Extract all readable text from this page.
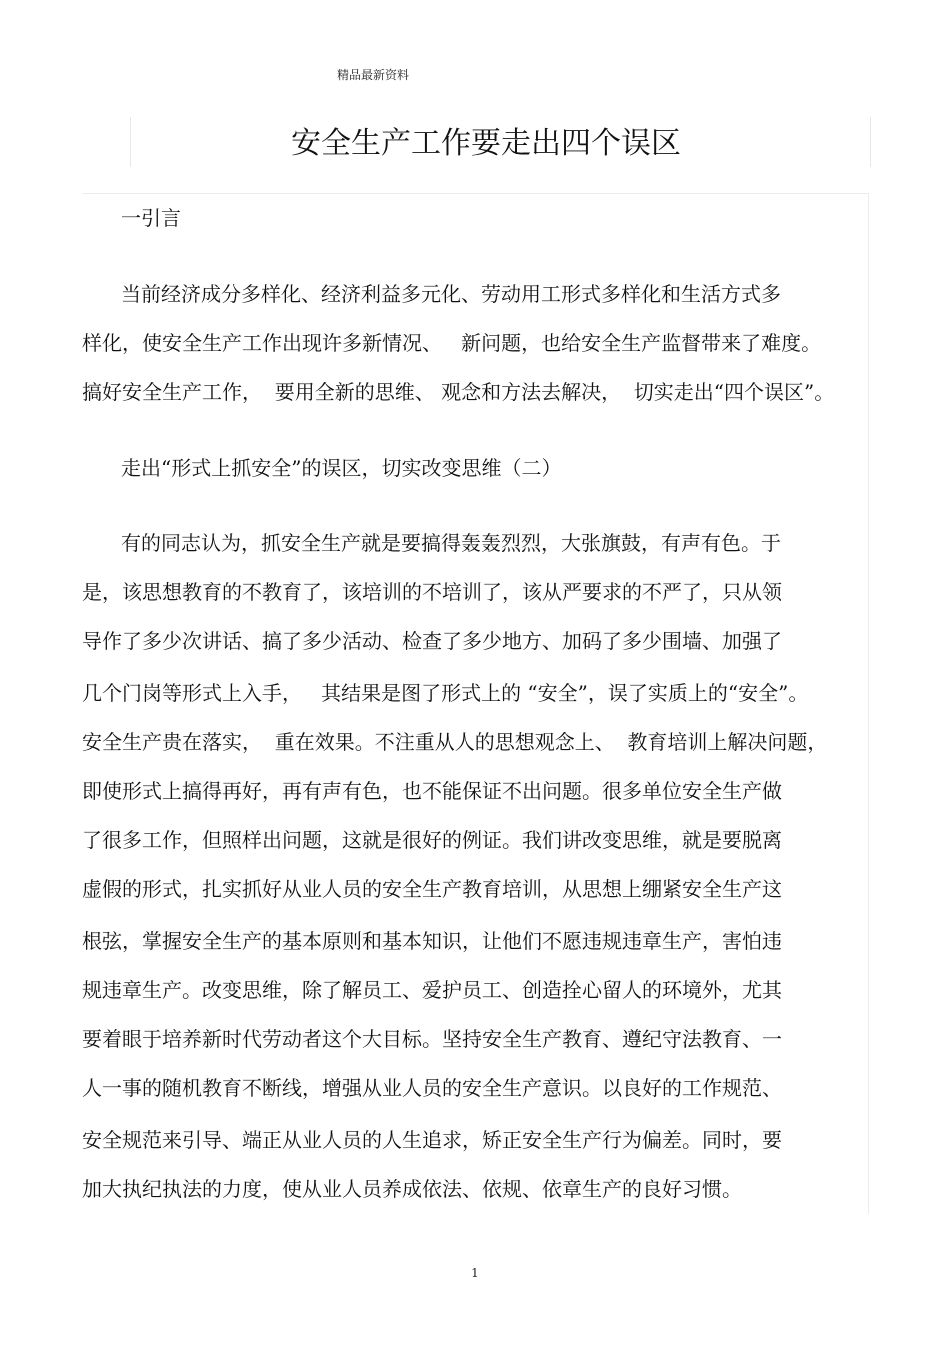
精品最新资料
安全生产工作要走出四个误区
一引言
当前经济成分多样化、经济利益多元化、劳动用工形式多样化和生活方式多
样化，使安全生产工作出现许多新情况、   新问题，也给安全生产监督带来了难度。
搞好安全生产工作，  要用全新的思维、 观念和方法去解决，  切实走出“四个误区”。
走出“形式上抓安全”的误区，切实改变思维（二）
有的同志认为，抓安全生产就是要搞得轰轰烈烈，大张旗鼓，有声有色。于
是，该思想教育的不教育了，该培训的不培训了，该从严要求的不严了，只从领
导作了多少次讲话、搞了多少活动、检查了多少地方、加码了多少围墙、加强了
几个门岗等形式上入手，   其结果是图了形式上的 “安全”，误了实质上的“安全”。
安全生产贵在落实，  重在效果。不注重从人的思想观念上、  教育培训上解决问题，
即使形式上搞得再好，再有声有色，也不能保证不出问题。很多单位安全生产做
了很多工作，但照样出问题，这就是很好的例证。我们讲改变思维，就是要脱离
虚假的形式，扎实抓好从业人员的安全生产教育培训，从思想上绷紧安全生产这
根弦，掌握安全生产的基本原则和基本知识，让他们不愿违规违章生产，害怕违
规违章生产。改变思维，除了解员工、爱护员工、创造拴心留人的环境外，尤其
要着眼于培养新时代劳动者这个大目标。坚持安全生产教育、遵纪守法教育、一
人一事的随机教育不断线，增强从业人员的安全生产意识。以良好的工作规范、
安全规范来引导、端正从业人员的人生追求，矫正安全生产行为偏差。同时，要
加大执纪执法的力度，使从业人员养成依法、依规、依章生产的良好习惯。
1
